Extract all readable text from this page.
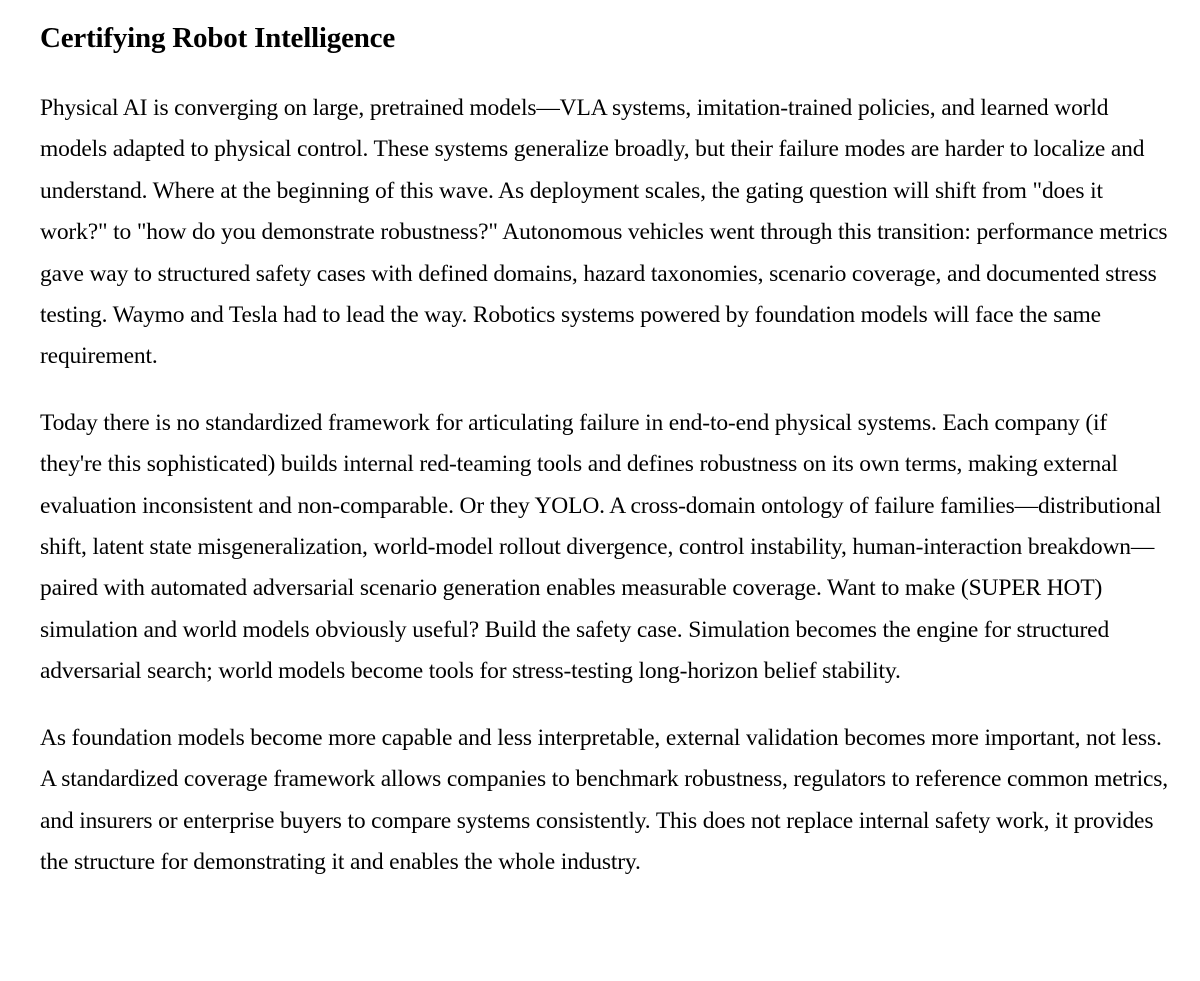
Certifying Robot Intelligence

Physical AI is converging on large, pretrained models—VLA systems, imitation-trained policies, and learned world models adapted to physical control. These systems generalize broadly, but their failure modes are harder to localize and understand. Where at the beginning of this wave. As deployment scales, the gating question will shift from "does it work?" to "how do you demonstrate robustness?" Autonomous vehicles went through this transition: performance metrics gave way to structured safety cases with defined domains, hazard taxonomies, scenario coverage, and documented stress testing. Waymo and Tesla had to lead the way. Robotics systems powered by foundation models will face the same requirement.

Today there is no standardized framework for articulating failure in end-to-end physical systems. Each company (if they're this sophisticated) builds internal red-teaming tools and defines robustness on its own terms, making external evaluation inconsistent and non-comparable. Or they YOLO. A cross-domain ontology of failure families—distributional shift, latent state misgeneralization, world-model rollout divergence, control instability, human-interaction breakdown—paired with automated adversarial scenario generation enables measurable coverage. Want to make (SUPER HOT) simulation and world models obviously useful? Build the safety case. Simulation becomes the engine for structured adversarial search; world models become tools for stress-testing long-horizon belief stability.

As foundation models become more capable and less interpretable, external validation becomes more important, not less. A standardized coverage framework allows companies to benchmark robustness, regulators to reference common metrics, and insurers or enterprise buyers to compare systems consistently. This does not replace internal safety work, it provides the structure for demonstrating it and enables the whole industry.
